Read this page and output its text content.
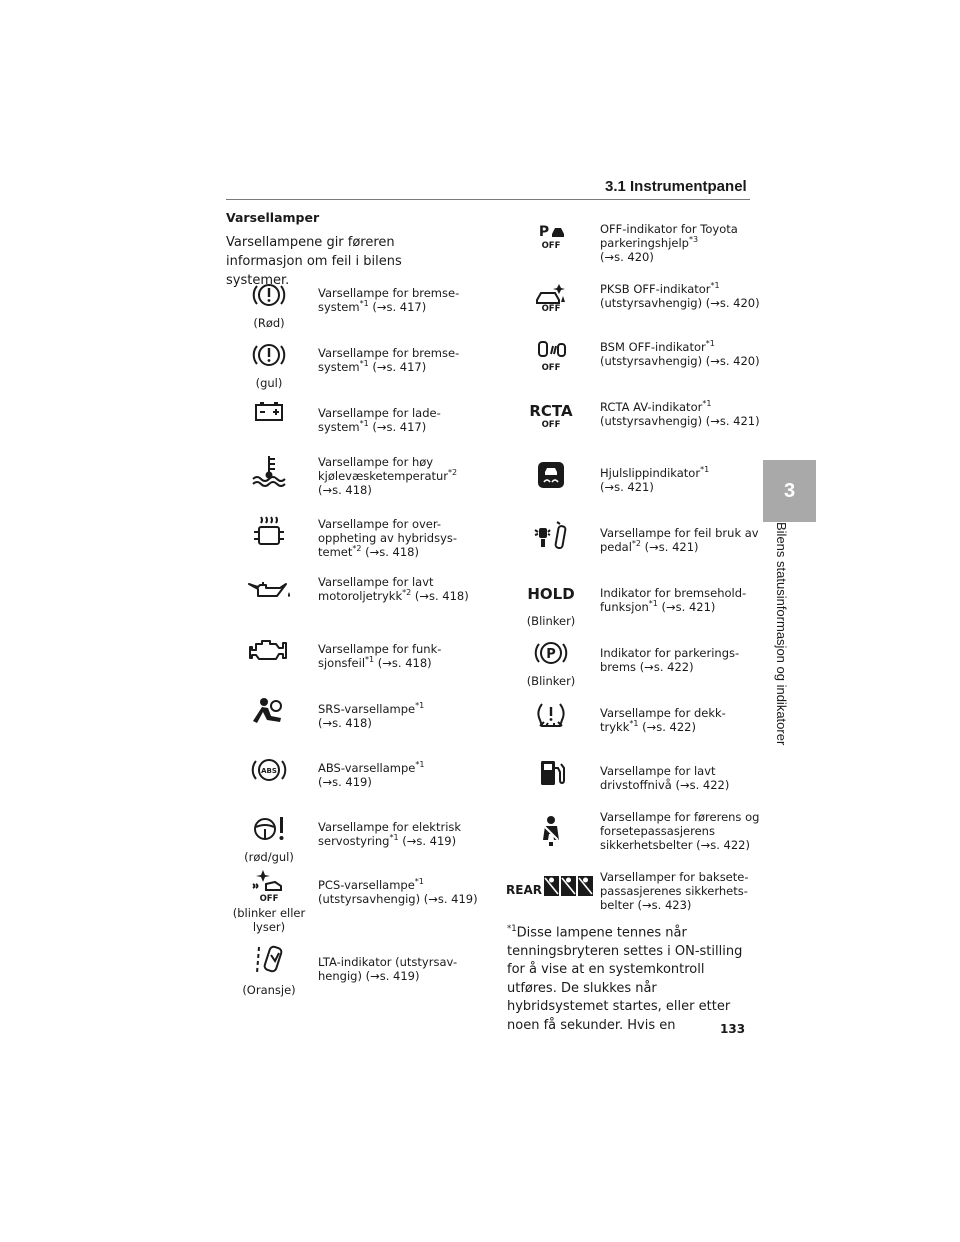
3.1 Instrumentpanel
3
Bilens statusinformasjon og indikatorer
Varsellamper
Varsellampene gir føreren informasjon om feil i bilens systemer.
(Rød)
Varsellampe for bremse-system$^{*1}$ (→s. 417)
(gul)
Varsellampe for bremse-system$^{*1}$ (→s. 417)
Varsellampe for lade-system$^{*1}$ (→s. 417)
Varsellampe for høy kjølevæsketemperatur$^{*2}$ (→s. 418)
Varsellampe for over-oppheting av hybridsys-temet$^{*2}$ (→s. 418)
Varsellampe for lavt motoroljetrykk$^{*2}$ (→s. 418)
Varsellampe for funk-sjonsfeil$^{*1}$ (→s. 418)
SRS-varsellampe$^{*1}$
(→s. 418)
ABS	ABS-varsellampe$^{*1}$
(→s. 419)
(rød/gul)
Varsellampe for elektrisk servostyring$^{*1}$ (→s. 419)
OFF
(blinker eller lyser)
PCS-varsellampe$^{*1}$ (utstyrsavhengig) (→s. 419)
(Oransje)
LTA-indikator (utstyrsav-hengig) (→s. 419)
P
OFF
OFF-indikator for Toyota parkeringshjelp$^{*3}$
(→s. 420)
OFF
PKSB OFF-indikator$^{*1}$ (utstyrsavhengig) (→s. 420)
OFF
BSM OFF-indikator$^{*1}$ (utstyrsavhengig) (→s. 420)
RCTA
OFF
RCTA AV-indikator$^{*1}$ (utstyrsavhengig) (→s. 421)
Hjulslippindikator$^{*1}$
(→s. 421)
Varsellampe for feil bruk av pedal$^{*2}$ (→s. 421)
HOLD
(Blinker)
Indikator for bremsehold-funksjon$^{*1}$ (→s. 421)
P
(Blinker)
Indikator for parkerings-brems (→s. 422)
Varsellampe for dekk-trykk$^{*1}$ (→s. 422)
Varsellampe for lavt drivstoffnivå (→s. 422)
Varsellampe for førerens og forsetepassasjerens sikkerhetsbelter (→s. 422)
REAR
Varsellamper for baksete-passasjerenes sikkerhets-belter (→s. 423)
$^{*1}$Disse lampene tennes når tenningsbryteren settes i ON-stilling for å vise at en systemkontroll utføres. De slukkes når hybridsystemet startes, eller etter noen få sekunder. Hvis en	133
